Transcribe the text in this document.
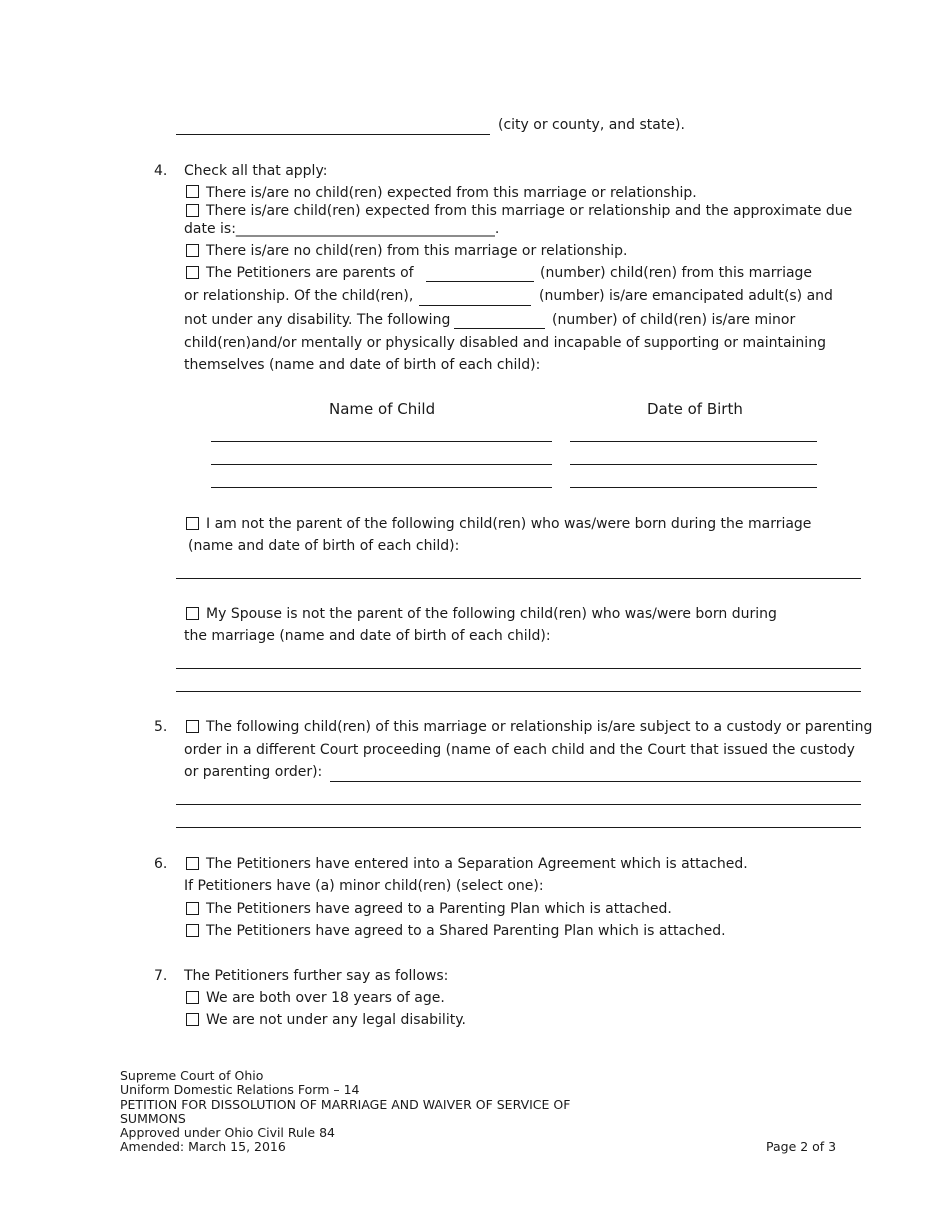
(city or county, and state).
4. Check all that apply:
There is/are no child(ren) expected from this marriage or relationship.
There is/are child(ren) expected from this marriage or relationship and the approximate due
date is:_____________________________________.
There is/are no child(ren) from this marriage or relationship.
The Petitioners are parents of	(number) child(ren) from this marriage
or relationship. Of the child(ren),	(number) is/are emancipated adult(s) and
not under any disability. The following	(number) of child(ren) is/are minor
child(ren)and/or mentally or physically disabled and incapable of supporting or maintaining
themselves (name and date of birth of each child):
Name of Child	Date of Birth
I am not the parent of the following child(ren) who was/were born during the marriage
(name and date of birth of each child):
My Spouse is not the parent of the following child(ren) who was/were born during
the marriage (name and date of birth of each child):
5.	The following child(ren) of this marriage or relationship is/are subject to a custody or parenting
order in a different Court proceeding (name of each child and the Court that issued the custody
or parenting order):
6.	The Petitioners have entered into a Separation Agreement which is attached.
If Petitioners have (a) minor child(ren) (select one):
The Petitioners have agreed to a Parenting Plan which is attached.
The Petitioners have agreed to a Shared Parenting Plan which is attached.
7. The Petitioners further say as follows:
We are both over 18 years of age.
We are not under any legal disability.
Supreme Court of Ohio
Uniform Domestic Relations Form – 14
PETITION FOR DISSOLUTION OF MARRIAGE AND WAIVER OF SERVICE OF
SUMMONS
Approved under Ohio Civil Rule 84
Amended: March 15, 2016	Page 2 of 3
